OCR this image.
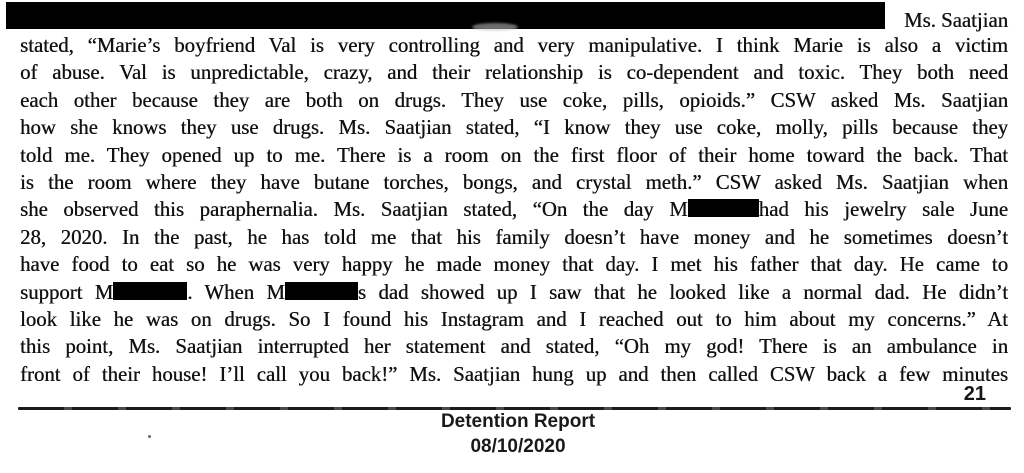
Ms. Saatjian
stated, “Marie’s boyfriend Val is very controlling and very manipulative. I think Marie is also a victim
of abuse. Val is unpredictable, crazy, and their relationship is co-dependent and toxic. They both need
each other because they are both on drugs. They use coke, pills, opioids.” CSW asked Ms. Saatjian
how she knows they use drugs. Ms. Saatjian stated, “I know they use coke, molly, pills because they
told me. They opened up to me. There is a room on the first floor of their home toward the back. That
is the room where they have butane torches, bongs, and crystal meth.” CSW asked Ms. Saatjian when
she observed this paraphernalia. Ms. Saatjian stated, “On the day M	had his jewelry sale June
28, 2020. In the past, he has told me that his family doesn’t have money and he sometimes doesn’t
have food to eat so he was very happy he made money that day. I met his father that day. He came to
support M	. When M	s dad showed up I saw that he looked like a normal dad. He didn’t
look like he was on drugs. So I found his Instagram and I reached out to him about my concerns.” At
this point, Ms. Saatjian interrupted her statement and stated, “Oh my god! There is an ambulance in
front of their house! I’ll call you back!” Ms. Saatjian hung up and then called CSW back a few minutes
21
Detention Report
08/10/2020
